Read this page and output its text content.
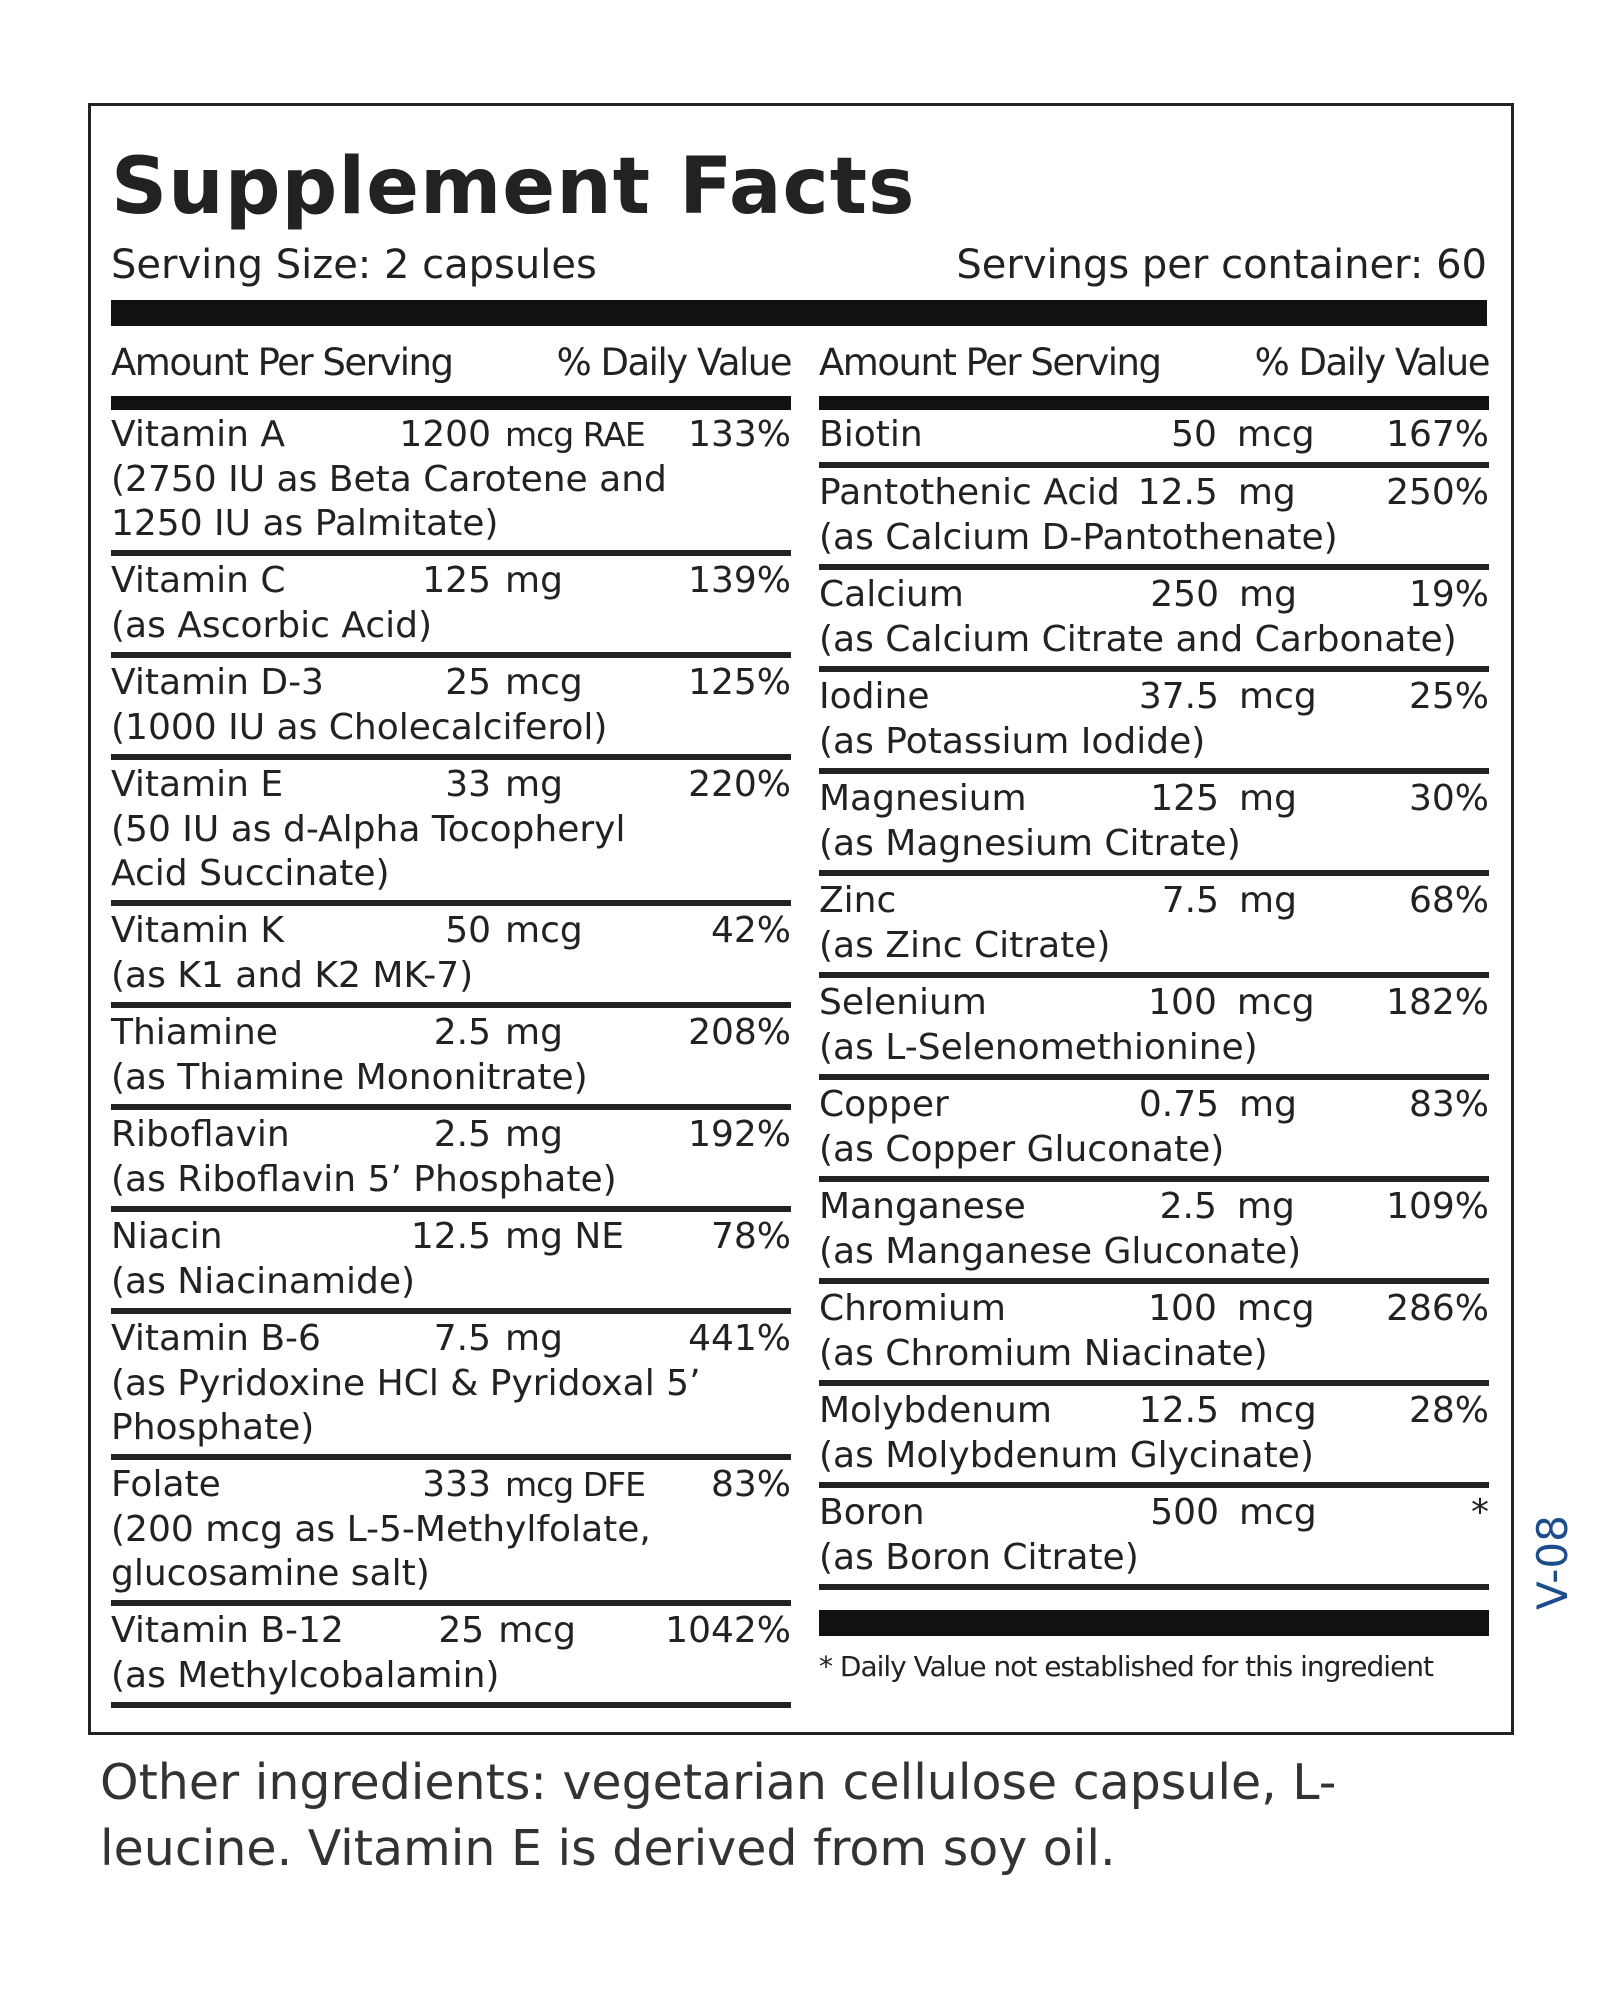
Supplement Facts
Serving Size: 2 capsules	Servings per container: 60
Amount Per Serving	% Daily Value
Vitamin A	1200 mcg RAE	133%
(2750 IU as Beta Carotene and
1250 IU as Palmitate)
Vitamin C	125 mg	139%
(as Ascorbic Acid)
Vitamin D-3	25 mcg	125%
(1000 IU as Cholecalciferol)
Vitamin E	33 mg	220%
(50 IU as d-Alpha Tocopheryl
Acid Succinate)
Vitamin K	50 mcg	42%
(as K1 and K2 MK-7)
Thiamine	2.5 mg	208%
(as Thiamine Mononitrate)
Riboflavin	2.5 mg	192%
(as Riboflavin 5’ Phosphate)
Niacin	12.5 mg NE	78%
(as Niacinamide)
Vitamin B-6	7.5 mg	441%
(as Pyridoxine HCl & Pyridoxal 5’
Phosphate)
Folate	333 mcg DFE	83%
(200 mcg as L-5-Methylfolate,
glucosamine salt)
Vitamin B-12	25 mcg	1042%
(as Methylcobalamin)
Amount Per Serving	% Daily Value
Biotin	50 mcg	167%
Pantothenic Acid 12.5 mg	250%
(as Calcium D-Pantothenate)
Calcium	250 mg	19%
(as Calcium Citrate and Carbonate)
Iodine	37.5 mcg	25%
(as Potassium Iodide)
Magnesium	125 mg	30%
(as Magnesium Citrate)
Zinc	7.5 mg	68%
(as Zinc Citrate)
Selenium	100 mcg	182%
(as L-Selenomethionine)
Copper	0.75 mg	83%
(as Copper Gluconate)
Manganese	2.5 mg	109%
(as Manganese Gluconate)
Chromium	100 mcg	286%
(as Chromium Niacinate)
Molybdenum	12.5 mcg	28%
(as Molybdenum Glycinate)
Boron	500 mcg	*
(as Boron Citrate)
* Daily Value not established for this ingredient
V-08
Other ingredients: vegetarian cellulose capsule, L-leucine. Vitamin E is derived from soy oil.
